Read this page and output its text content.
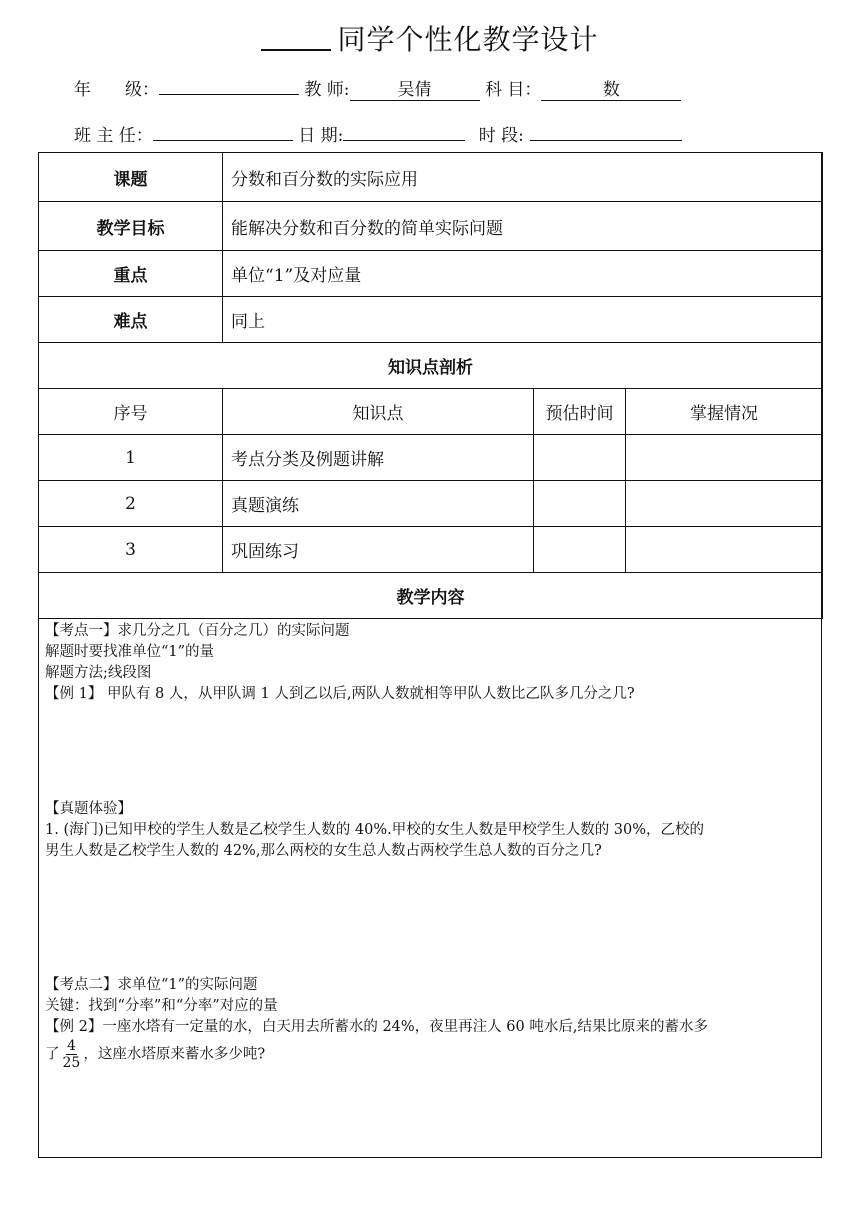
同学个性化教学设计
年　　级：	教 师:	吴倩	科 目：	数
班 主 任：	日 期:	时 段:
课题	分数和百分数的实际应用		
教学目标	能解决分数和百分数的简单实际问题		
重点	单位“1”及对应量		
难点	同上		
知识点剖析			
序号	知识点	预估时间	掌握情况
1	考点分类及例题讲解		
2	真题演练		
3	巩固练习		
教学内容			

【考点一】求几分之几（百分之几）的实际问题

解题时要找准单位“1”的量

解题方法;线段图

【例 1】 甲队有 8 人，从甲队调 1 人到乙以后,两队人数就相等甲队人数比乙队多几分之几?

【真题体验】

1. (海门)已知甲校的学生人数是乙校学生人数的 40%.甲校的女生人数是甲校学生人数的 30%，乙校的

男生人数是乙校学生人数的 42%,那么两校的女生总人数占两校学生总人数的百分之几?

【考点二】求单位“1”的实际问题

关键：找到“分率”和“分率”对应的量

【例 2】一座水塔有一定量的水，白天用去所蓄水的 24%，夜里再注人 60 吨水后,结果比原来的蓄水多

了 $\frac{4}{25}$ ，这座水塔原来蓄水多少吨?
